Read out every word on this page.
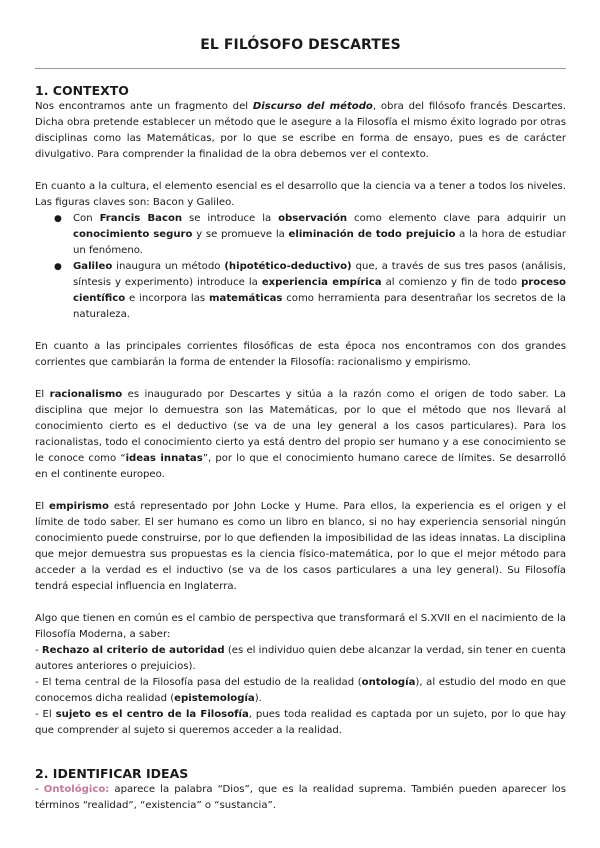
EL FILÓSOFO DESCARTES
1. CONTEXTO

Nos encontramos ante un fragmento del Discurso del método, obra del filósofo francés Descartes. Dicha obra pretende establecer un método que le asegure a la Filosofía el mismo éxito logrado por otras disciplinas como las Matemáticas, por lo que se escribe en forma de ensayo, pues es de carácter divulgativo. Para comprender la finalidad de la obra debemos ver el contexto.

En cuanto a la cultura, el elemento esencial es el desarrollo que la ciencia va a tener a todos los niveles. Las figuras claves son: Bacon y Galileo.

● Con Francis Bacon se introduce la observación como elemento clave para adquirir un conocimiento seguro y se promueve la eliminación de todo prejuicio a la hora de estudiar un fenómeno.
● Galileo inaugura un método (hipotético-deductivo) que, a través de sus tres pasos (análisis, síntesis y experimento) introduce la experiencia empírica al comienzo y fin de todo proceso científico e incorpora las matemáticas como herramienta para desentrañar los secretos de la naturaleza.

En cuanto a las principales corrientes filosóficas de esta época nos encontramos con dos grandes corrientes que cambiarán la forma de entender la Filosofía: racionalismo y empirismo.

El racionalismo es inaugurado por Descartes y sitúa a la razón como el origen de todo saber. La disciplina que mejor lo demuestra son las Matemáticas, por lo que el método que nos llevará al conocimiento cierto es el deductivo (se va de una ley general a los casos particulares). Para los racionalistas, todo el conocimiento cierto ya está dentro del propio ser humano y a ese conocimiento se le conoce como “ideas innatas”, por lo que el conocimiento humano carece de límites. Se desarrolló en el continente europeo.

El empirismo está representado por John Locke y Hume. Para ellos, la experiencia es el origen y el límite de todo saber. El ser humano es como un libro en blanco, si no hay experiencia sensorial ningún conocimiento puede construirse, por lo que defienden la imposibilidad de las ideas innatas. La disciplina que mejor demuestra sus propuestas es la ciencia físico-matemática, por lo que el mejor método para acceder a la verdad es el inductivo (se va de los casos particulares a una ley general). Su Filosofía tendrá especial influencia en Inglaterra.

Algo que tienen en común es el cambio de perspectiva que transformará el S.XVII en el nacimiento de la Filosofía Moderna, a saber:

- Rechazo al criterio de autoridad (es el individuo quien debe alcanzar la verdad, sin tener en cuenta autores anteriores o prejuicios).

- El tema central de la Filosofía pasa del estudio de la realidad (ontología), al estudio del modo en que conocemos dicha realidad (epistemología).

- El sujeto es el centro de la Filosofía, pues toda realidad es captada por un sujeto, por lo que hay que comprender al sujeto si queremos acceder a la realidad.

2. IDENTIFICAR IDEAS

- Ontológico: aparece la palabra “Dios”, que es la realidad suprema. También pueden aparecer los términos “realidad”, “existencia” o “sustancia”.
